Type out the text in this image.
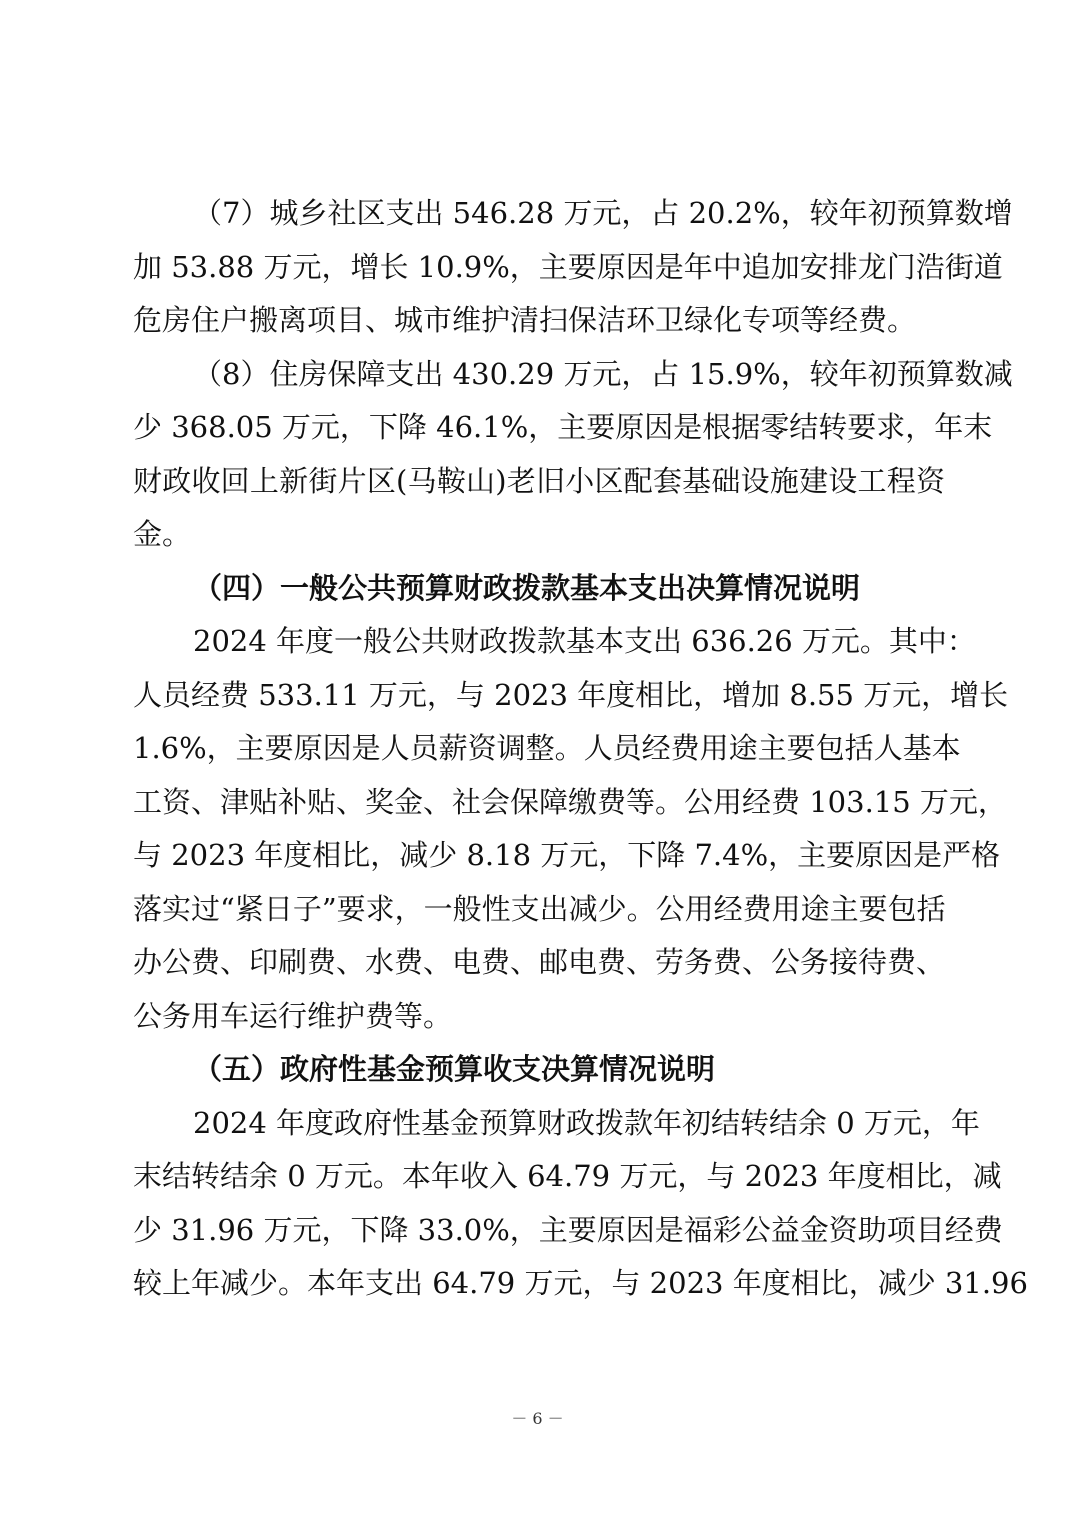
（7）城乡社区支出 546.28 万元，占 20.2%，较年初预算数增
加 53.88 万元，增长 10.9%，主要原因是年中追加安排龙门浩街道
危房住户搬离项目、城市维护清扫保洁环卫绿化专项等经费。
（8）住房保障支出 430.29 万元，占 15.9%，较年初预算数减
少 368.05 万元，下降 46.1%，主要原因是根据零结转要求，年末
财政收回上新街片区(马鞍山)老旧小区配套基础设施建设工程资
金。
（四）一般公共预算财政拨款基本支出决算情况说明
2024 年度一般公共财政拨款基本支出 636.26 万元。其中：
人员经费 533.11 万元，与 2023 年度相比，增加 8.55 万元，增长
1.6%，主要原因是人员薪资调整。人员经费用途主要包括人基本
工资、津贴补贴、奖金、社会保障缴费等。公用经费 103.15 万元，
与 2023 年度相比，减少 8.18 万元，下降 7.4%，主要原因是严格
落实过“紧日子”要求，一般性支出减少。公用经费用途主要包括
办公费、印刷费、水费、电费、邮电费、劳务费、公务接待费、
公务用车运行维护费等。
（五）政府性基金预算收支决算情况说明
2024 年度政府性基金预算财政拨款年初结转结余 0 万元，年
末结转结余 0 万元。本年收入 64.79 万元，与 2023 年度相比，减
少 31.96 万元，下降 33.0%，主要原因是福彩公益金资助项目经费
较上年减少。本年支出 64.79 万元，与 2023 年度相比，减少 31.96
－ 6 －
